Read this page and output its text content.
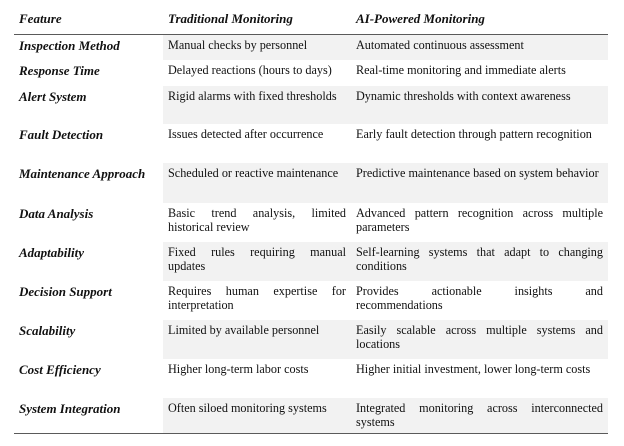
Feature	Traditional Monitoring	AI-Powered Monitoring
Inspection Method	Manual checks by personnel	Automated continuous assessment
Response Time	Delayed reactions (hours to days)	Real-time monitoring and immediate alerts
Alert System	Rigid alarms with fixed thresholds	Dynamic thresholds with context awareness
Fault Detection	Issues detected after occurrence	Early fault detection through pattern recognition
Maintenance Approach	Scheduled or reactive maintenance	Predictive maintenance based on system behavior
Data Analysis	Basic trend analysis, limited historical review	Advanced pattern recognition across multiple parameters
Adaptability	Fixed rules requiring manual updates	Self-learning systems that adapt to changing conditions
Decision Support	Requires human expertise for interpretation	Provides actionable insights and recommendations
Scalability	Limited by available personnel	Easily scalable across multiple systems and locations
Cost Efficiency	Higher long-term labor costs	Higher initial investment, lower long-term costs
System Integration	Often siloed monitoring systems	Integrated monitoring across interconnected systems
